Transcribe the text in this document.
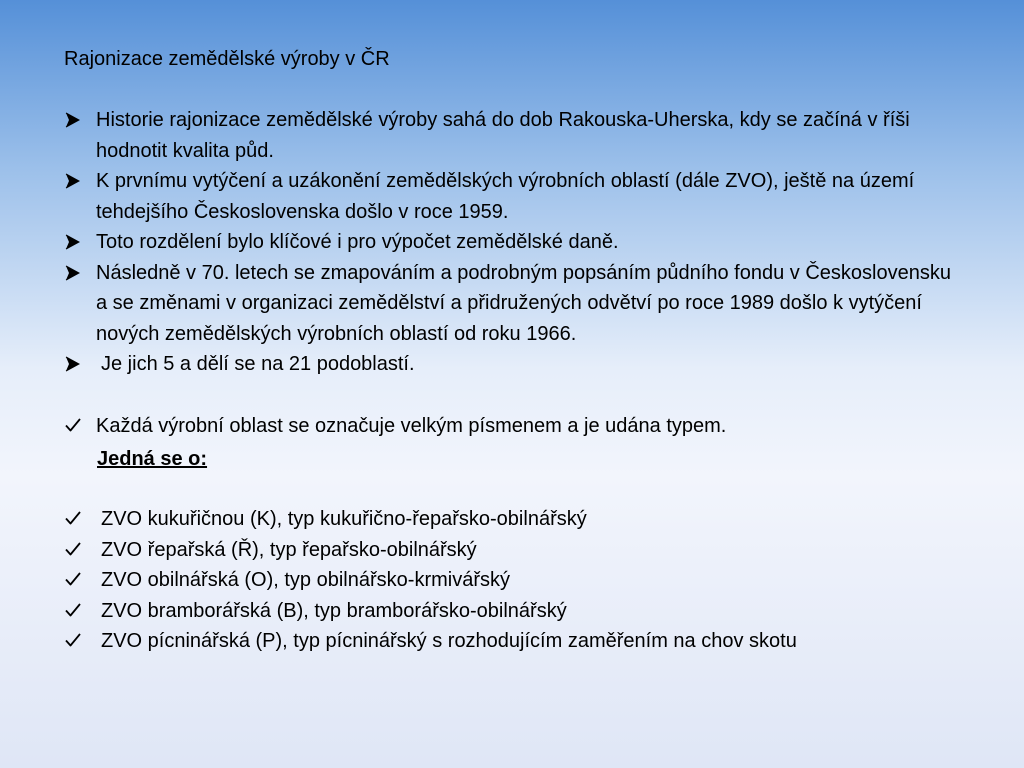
Rajonizace zemědělské výroby v ČR
Historie rajonizace zemědělské výroby sahá do dob Rakouska-Uherska, kdy se začíná v říši hodnotit kvalita půd.
K prvnímu vytýčení a uzákonění zemědělských výrobních oblastí (dále ZVO), ještě na území tehdejšího Československa došlo v roce 1959.
Toto rozdělení bylo klíčové i pro výpočet zemědělské daně.
Následně v 70. letech se zmapováním a podrobným popsáním půdního fondu v Československu a se změnami v organizaci zemědělství a přidružených odvětví po roce 1989 došlo k vytýčení nových zemědělských výrobních oblastí od roku 1966.
Je jich 5 a dělí se na 21 podoblastí.
Každá výrobní oblast se označuje velkým písmenem a je udána typem.
Jedná se o:
ZVO kukuřičnou (K), typ kukuřično-řepařsko-obilnářský
ZVO řepařská (Ř), typ řepařsko-obilnářský
ZVO obilnářská (O), typ obilnářsko-krmivářský
ZVO bramborářská (B), typ bramborářsko-obilnářský
ZVO pícninářská (P), typ pícninářský s rozhodujícím zaměřením na chov skotu
